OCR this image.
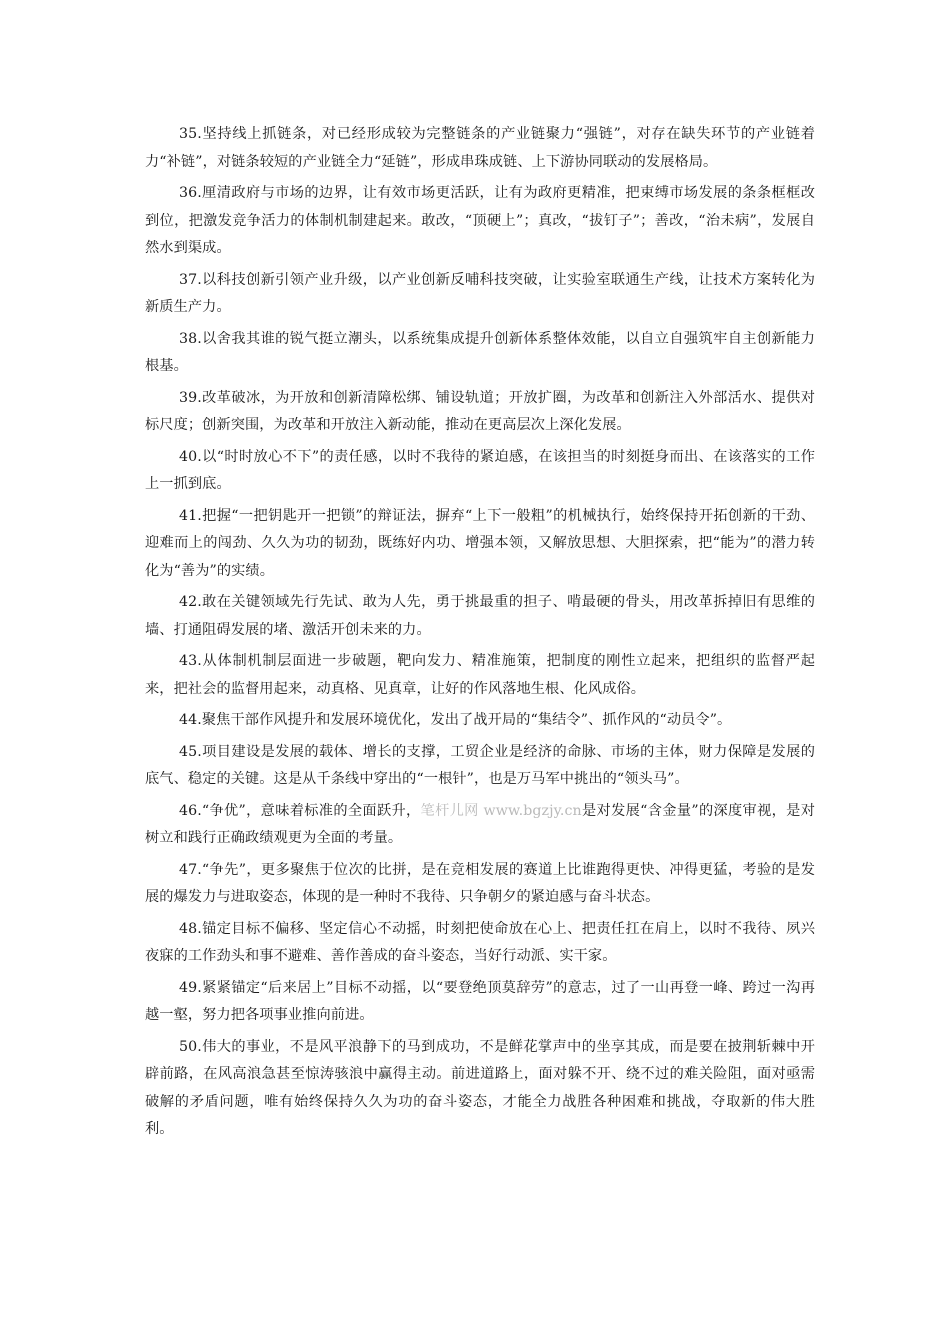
35.坚持线上抓链条，对已经形成较为完整链条的产业链聚力“强链”，对存在缺失环节的产业链着力“补链”，对链条较短的产业链全力“延链”，形成串珠成链、上下游协同联动的发展格局。

36.厘清政府与市场的边界，让有效市场更活跃，让有为政府更精准，把束缚市场发展的条条框框改到位，把激发竞争活力的体制机制建起来。敢改，“顶硬上”；真改，“拔钉子”；善改，“治未病”，发展自然水到渠成。

37.以科技创新引领产业升级，以产业创新反哺科技突破，让实验室联通生产线，让技术方案转化为新质生产力。

38.以舍我其谁的锐气挺立潮头，以系统集成提升创新体系整体效能，以自立自强筑牢自主创新能力根基。

39.改革破冰，为开放和创新清障松绑、铺设轨道；开放扩圈，为改革和创新注入外部活水、提供对标尺度；创新突围，为改革和开放注入新动能，推动在更高层次上深化发展。

40.以“时时放心不下”的责任感，以时不我待的紧迫感，在该担当的时刻挺身而出、在该落实的工作上一抓到底。

41.把握“一把钥匙开一把锁”的辩证法，摒弃“上下一般粗”的机械执行，始终保持开拓创新的干劲、迎难而上的闯劲、久久为功的韧劲，既练好内功、增强本领，又解放思想、大胆探索，把“能为”的潜力转化为“善为”的实绩。

42.敢在关键领域先行先试、敢为人先，勇于挑最重的担子、啃最硬的骨头，用改革拆掉旧有思维的墙、打通阻碍发展的堵、激活开创未来的力。

43.从体制机制层面进一步破题，靶向发力、精准施策，把制度的刚性立起来，把组织的监督严起来，把社会的监督用起来，动真格、见真章，让好的作风落地生根、化风成俗。

44.聚焦干部作风提升和发展环境优化，发出了战开局的“集结令”、抓作风的“动员令”。

45.项目建设是发展的载体、增长的支撑，工贸企业是经济的命脉、市场的主体，财力保障是发展的底气、稳定的关键。这是从千条线中穿出的“一根针”，也是万马军中挑出的“领头马”。

46.“争优”，意味着标准的全面跃升，笔杆儿网 www.bgzjy.cn是对发展“含金量”的深度审视，是对树立和践行正确政绩观更为全面的考量。

47.“争先”，更多聚焦于位次的比拼，是在竞相发展的赛道上比谁跑得更快、冲得更猛，考验的是发展的爆发力与进取姿态，体现的是一种时不我待、只争朝夕的紧迫感与奋斗状态。

48.锚定目标不偏移、坚定信心不动摇，时刻把使命放在心上、把责任扛在肩上，以时不我待、夙兴夜寐的工作劲头和事不避难、善作善成的奋斗姿态，当好行动派、实干家。

49.紧紧锚定“后来居上”目标不动摇，以“要登绝顶莫辞劳”的意志，过了一山再登一峰、跨过一沟再越一壑，努力把各项事业推向前进。

50.伟大的事业，不是风平浪静下的马到成功，不是鲜花掌声中的坐享其成，而是要在披荆斩棘中开辟前路，在风高浪急甚至惊涛骇浪中赢得主动。前进道路上，面对躲不开、绕不过的难关险阻，面对亟需破解的矛盾问题，唯有始终保持久久为功的奋斗姿态，才能全力战胜各种困难和挑战，夺取新的伟大胜利。
